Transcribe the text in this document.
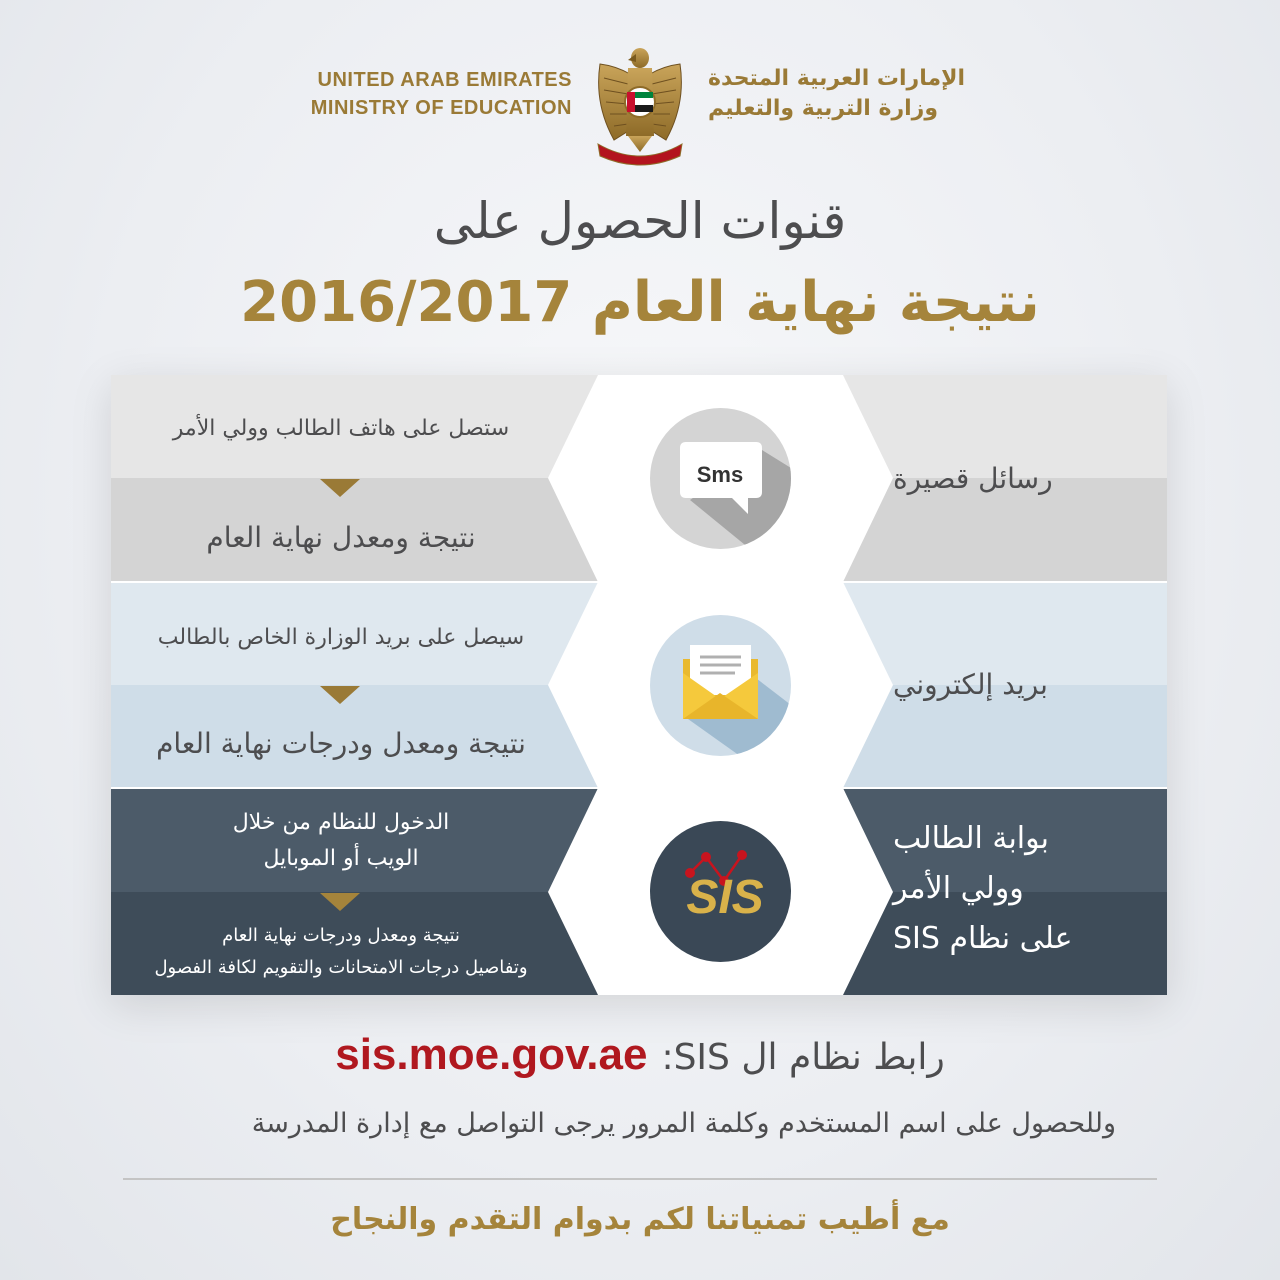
UNITED ARAB EMIRATES
MINISTRY OF EDUCATION
الإمارات العربية المتحدة
وزارة التربية والتعليم
قنوات الحصول على
نتيجة نهاية العام 2016/2017
ستصل على هاتف الطالب وولي الأمر
نتيجة ومعدل نهاية العام
Sms	رسائل قصيرة
سيصل على بريد الوزارة الخاص بالطالب
نتيجة ومعدل ودرجات نهاية العام
بريد إلكتروني
الدخول للنظام من خلال
الويب أو الموبايل
نتيجة ومعدل ودرجات نهاية العام
وتفاصيل درجات الامتحانات والتقويم لكافة الفصول
SIS
بوابة الطالب
وولي الأمر
على نظام SIS
sis.moe.gov.ae رابط نظام ال SIS:
وللحصول على اسم المستخدم وكلمة المرور يرجى التواصل مع إدارة المدرسة
مع أطيب تمنياتنا لكم بدوام التقدم والنجاح
